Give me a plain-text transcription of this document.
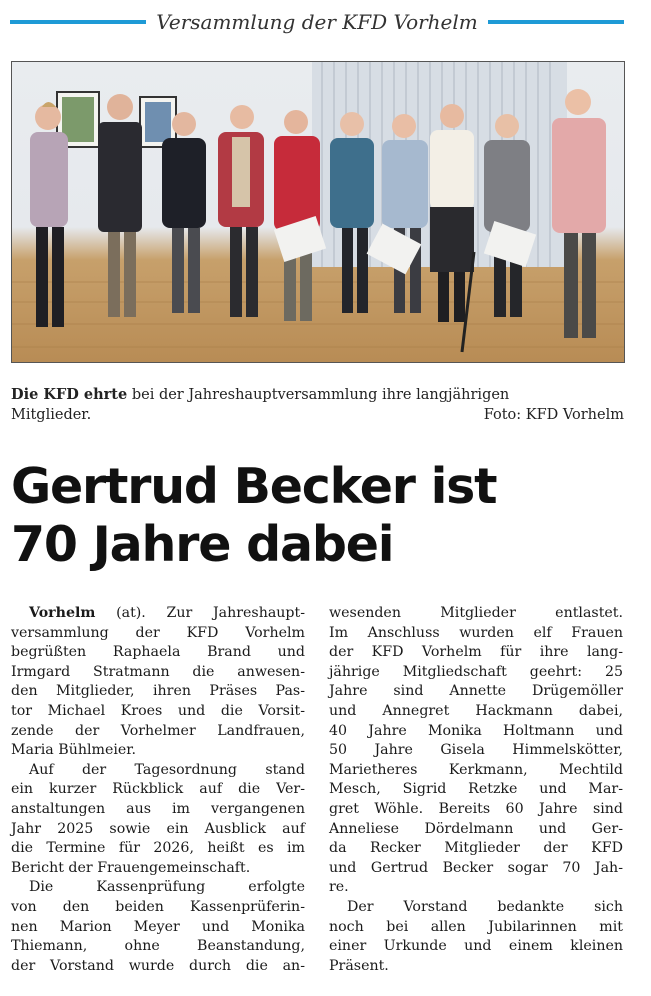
Versammlung der KFD Vorhelm
Die KFD ehrte bei der Jahreshauptversammlung ihre langjährigen
Mitglieder.	Foto: KFD Vorhelm
Gertrud Becker ist
70 Jahre dabei
Vorhelm (at). Zur Jahreshaupt-
versammlung der KFD Vorhelm
begrüßten Raphaela Brand und
Irmgard Stratmann die anwesen-
den Mitglieder, ihren Präses Pas-
tor Michael Kroes und die Vorsit-
zende der Vorhelmer Landfrauen,
Maria Bühlmeier.
Auf der Tagesordnung stand
ein kurzer Rückblick auf die Ver-
anstaltungen aus im vergangenen
Jahr 2025 sowie ein Ausblick auf
die Termine für 2026, heißt es im
Bericht der Frauengemeinschaft.
Die Kassenprüfung erfolgte
von den beiden Kassenprüferin-
nen Marion Meyer und Monika
Thiemann, ohne Beanstandung,
der Vorstand wurde durch die an-
wesenden Mitglieder entlastet.
Im Anschluss wurden elf Frauen
der KFD Vorhelm für ihre lang-
jährige Mitgliedschaft geehrt: 25
Jahre sind Annette Drügemöller
und Annegret Hackmann dabei,
40 Jahre Monika Holtmann und
50 Jahre Gisela Himmelskötter,
Marietheres Kerkmann, Mechtild
Mesch, Sigrid Retzke und Mar-
gret Wöhle. Bereits 60 Jahre sind
Anneliese Dördelmann und Ger-
da Recker Mitglieder der KFD
und Gertrud Becker sogar 70 Jah-
re.
Der Vorstand bedankte sich
noch bei allen Jubilarinnen mit
einer Urkunde und einem kleinen
Präsent.
